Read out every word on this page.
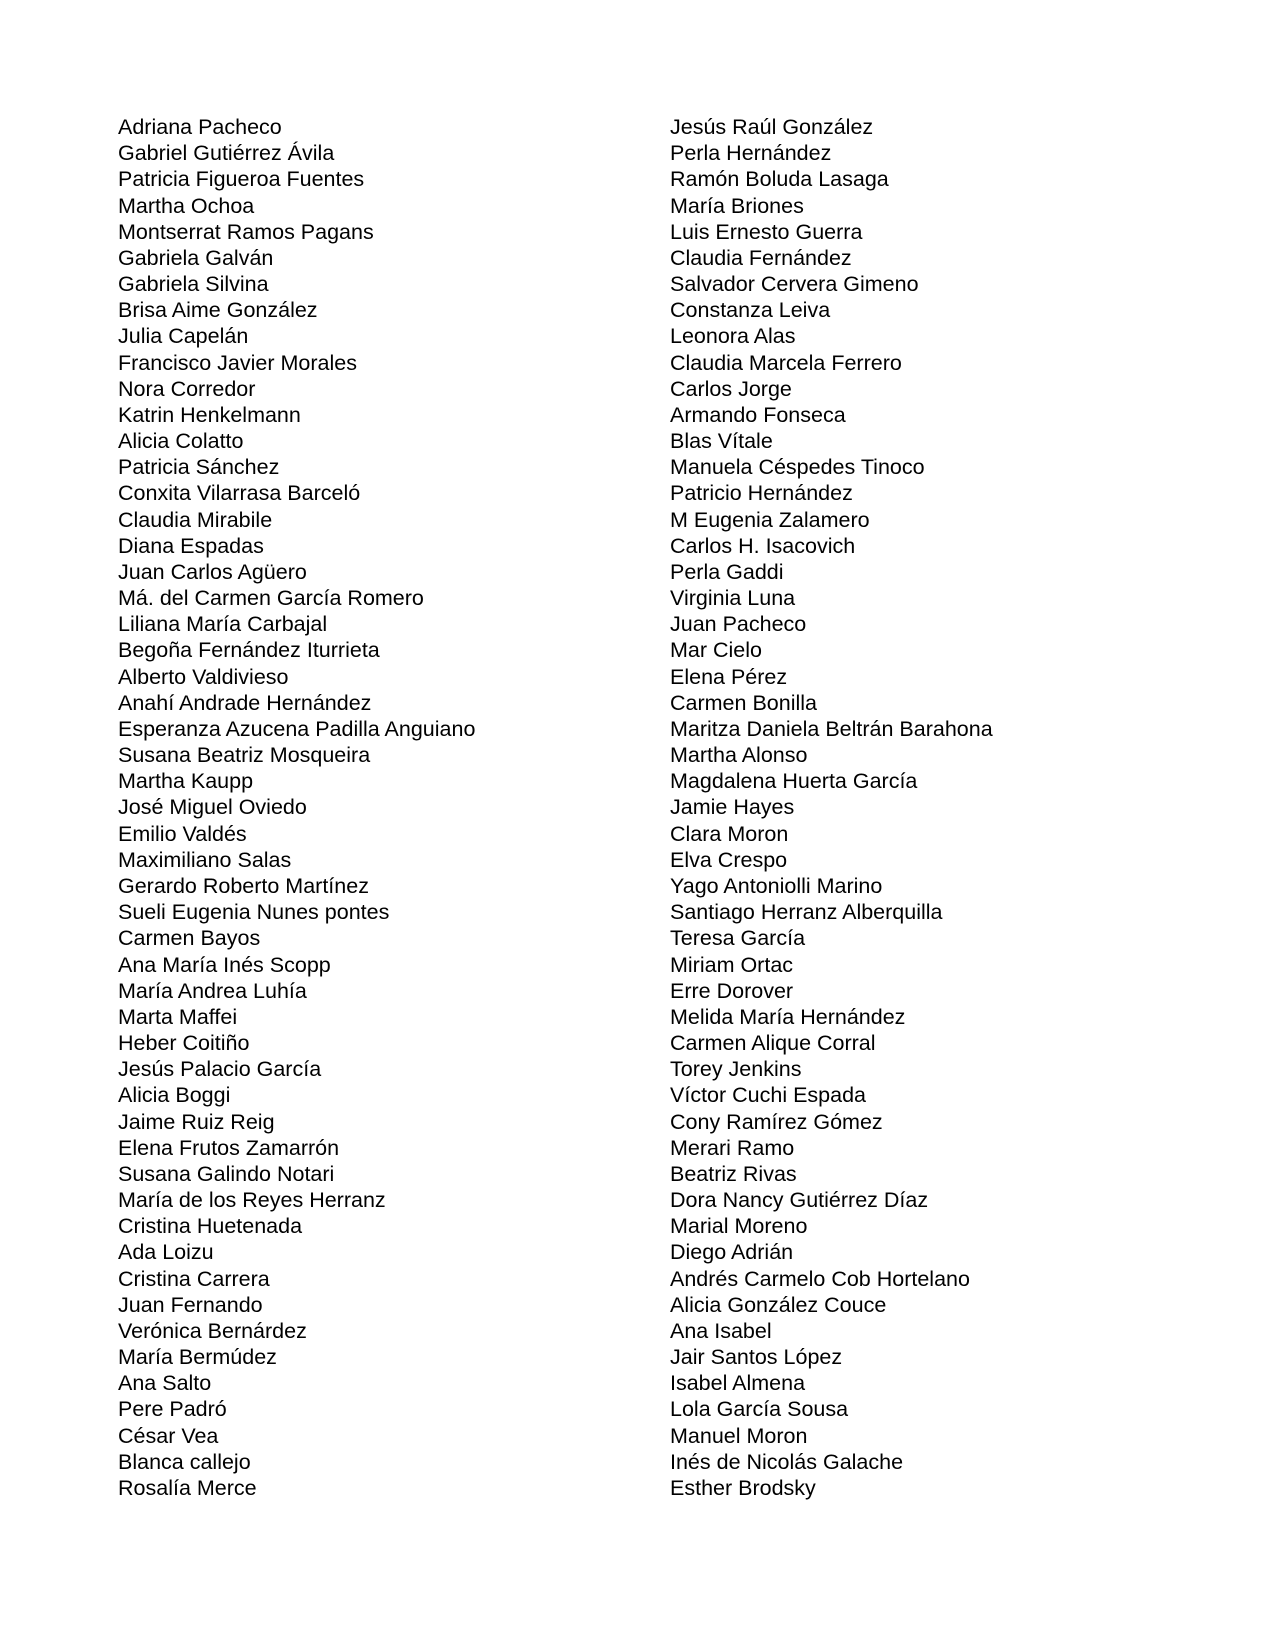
Adriana Pacheco
Gabriel Gutiérrez Ávila
Patricia Figueroa Fuentes
Martha Ochoa
Montserrat Ramos Pagans
Gabriela Galván
Gabriela Silvina
Brisa Aime González
Julia Capelán
Francisco Javier Morales
Nora Corredor
Katrin Henkelmann
Alicia Colatto
Patricia Sánchez
Conxita Vilarrasa Barceló
Claudia Mirabile
Diana Espadas
Juan Carlos Agüero
Má. del Carmen García Romero
Liliana María Carbajal
Begoña Fernández Iturrieta
Alberto Valdivieso
Anahí Andrade Hernández
Esperanza Azucena Padilla Anguiano
Susana Beatriz Mosqueira
Martha Kaupp
José Miguel Oviedo
Emilio Valdés
Maximiliano Salas
Gerardo Roberto Martínez
Sueli Eugenia Nunes pontes
Carmen Bayos
Ana María Inés Scopp
María Andrea Luhía
Marta Maffei
Heber Coitiño
Jesús Palacio García
Alicia Boggi
Jaime Ruiz Reig
Elena Frutos Zamarrón
Susana Galindo Notari
María de los Reyes Herranz
Cristina Huetenada
Ada Loizu
Cristina Carrera
Juan Fernando
Verónica Bernárdez
María Bermúdez
Ana Salto
Pere Padró
César Vea
Blanca callejo
Rosalía Merce
Jesús Raúl González
Perla Hernández
Ramón Boluda Lasaga
María Briones
Luis Ernesto Guerra
Claudia Fernández
Salvador Cervera Gimeno
Constanza Leiva
Leonora Alas
Claudia Marcela Ferrero
Carlos Jorge
Armando Fonseca
Blas Vítale
Manuela Céspedes Tinoco
Patricio Hernández
M Eugenia Zalamero
Carlos H. Isacovich
Perla Gaddi
Virginia Luna
Juan Pacheco
Mar Cielo
Elena Pérez
Carmen Bonilla
Maritza Daniela Beltrán Barahona
Martha Alonso
Magdalena Huerta García
Jamie Hayes
Clara Moron
Elva Crespo
Yago Antoniolli Marino
Santiago Herranz Alberquilla
Teresa García
Miriam Ortac
Erre Dorover
Melida María Hernández
Carmen Alique Corral
Torey Jenkins
Víctor Cuchi Espada
Cony Ramírez Gómez
Merari Ramo
Beatriz Rivas
Dora Nancy Gutiérrez Díaz
Marial Moreno
Diego Adrián
Andrés Carmelo Cob Hortelano
Alicia González Couce
Ana Isabel
Jair Santos López
Isabel Almena
Lola García Sousa
Manuel Moron
Inés de Nicolás Galache
Esther Brodsky
